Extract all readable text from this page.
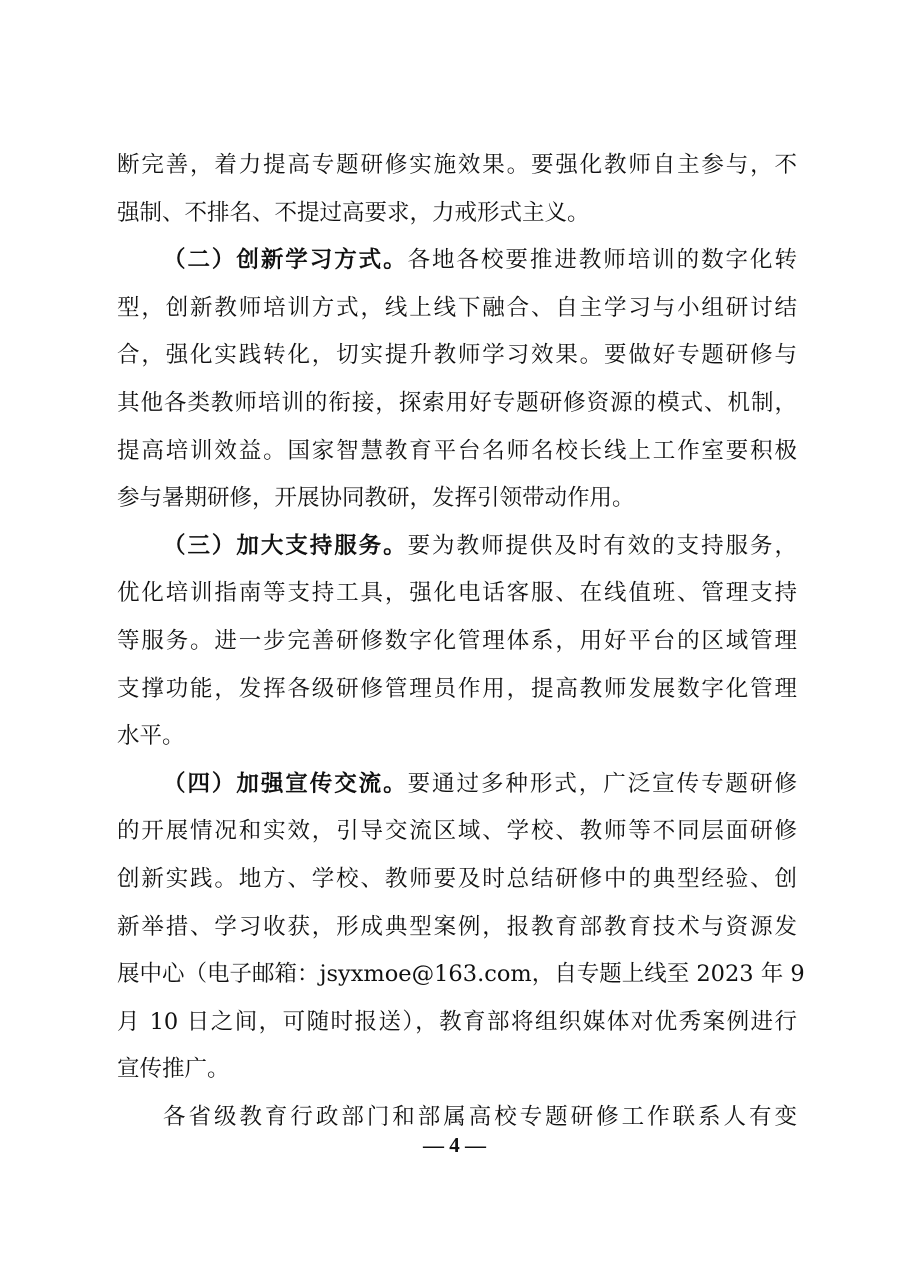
断完善，着力提高专题研修实施效果。要强化教师自主参与，不
强制、不排名、不提过高要求，力戒形式主义。
（二）创新学习方式。各地各校要推进教师培训的数字化转
型，创新教师培训方式，线上线下融合、自主学习与小组研讨结
合，强化实践转化，切实提升教师学习效果。要做好专题研修与
其他各类教师培训的衔接，探索用好专题研修资源的模式、机制，
提高培训效益。国家智慧教育平台名师名校长线上工作室要积极
参与暑期研修，开展协同教研，发挥引领带动作用。
（三）加大支持服务。要为教师提供及时有效的支持服务，
优化培训指南等支持工具，强化电话客服、在线值班、管理支持
等服务。进一步完善研修数字化管理体系，用好平台的区域管理
支撑功能，发挥各级研修管理员作用，提高教师发展数字化管理
水平。
（四）加强宣传交流。要通过多种形式，广泛宣传专题研修
的开展情况和实效，引导交流区域、学校、教师等不同层面研修
创新实践。地方、学校、教师要及时总结研修中的典型经验、创
新举措、学习收获，形成典型案例，报教育部教育技术与资源发
展中心（电子邮箱：jsyxmoe@163.com，自专题上线至 2023 年 9
月 10 日之间，可随时报送），教育部将组织媒体对优秀案例进行
宣传推广。
各省级教育行政部门和部属高校专题研修工作联系人有变
— 4 —
